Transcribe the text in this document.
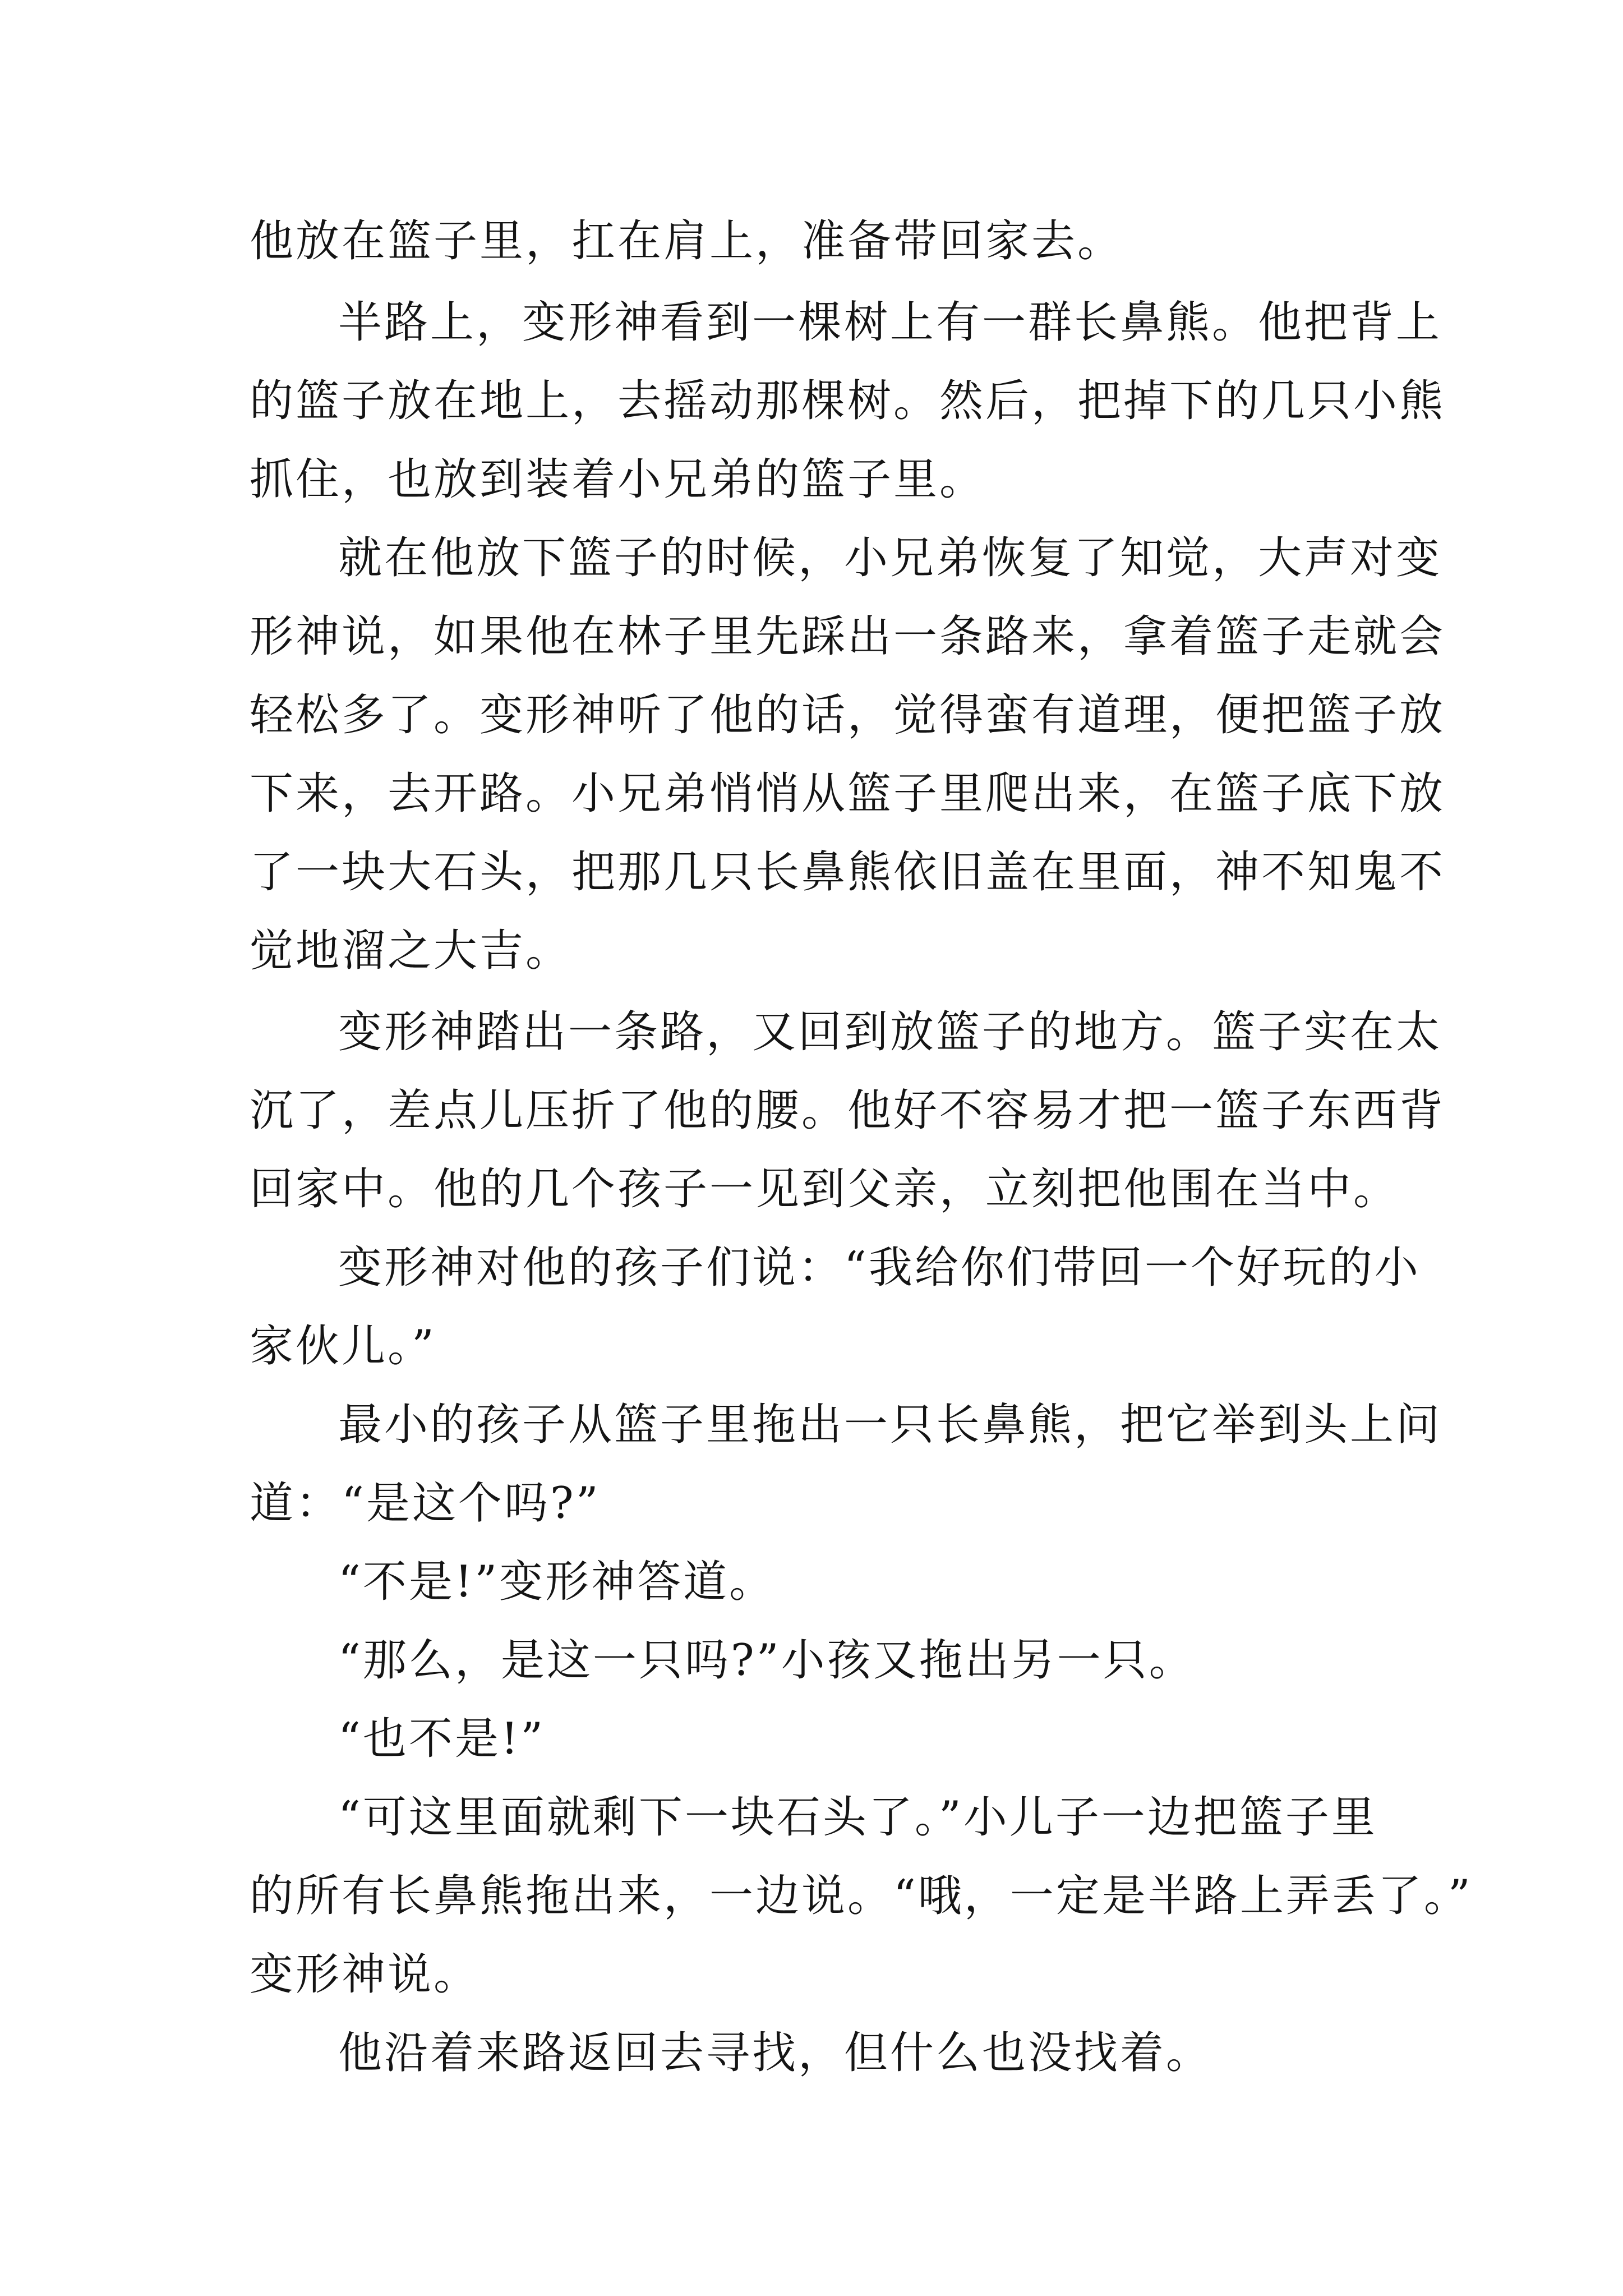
他放在篮子里，扛在肩上，准备带回家去。
半路上，变形神看到一棵树上有一群长鼻熊。他把背上
的篮子放在地上，去摇动那棵树。然后，把掉下的几只小熊
抓住，也放到装着小兄弟的篮子里。
就在他放下篮子的时候，小兄弟恢复了知觉，大声对变
形神说，如果他在林子里先踩出一条路来，拿着篮子走就会
轻松多了。变形神听了他的话，觉得蛮有道理，便把篮子放
下来，去开路。小兄弟悄悄从篮子里爬出来，在篮子底下放
了一块大石头，把那几只长鼻熊依旧盖在里面，神不知鬼不
觉地溜之大吉。
变形神踏出一条路，又回到放篮子的地方。篮子实在太
沉了，差点儿压折了他的腰。他好不容易才把一篮子东西背
回家中。他的几个孩子一见到父亲，立刻把他围在当中。
变形神对他的孩子们说：“我给你们带回一个好玩的小
家伙儿。”
最小的孩子从篮子里拖出一只长鼻熊，把它举到头上问
道：“是这个吗?”
“不是!”变形神答道。
“那么，是这一只吗?”小孩又拖出另一只。
“也不是!”
“可这里面就剩下一块石头了。”小儿子一边把篮子里
的所有长鼻熊拖出来，一边说。“哦，一定是半路上弄丢了。”
变形神说。
他沿着来路返回去寻找，但什么也没找着。
